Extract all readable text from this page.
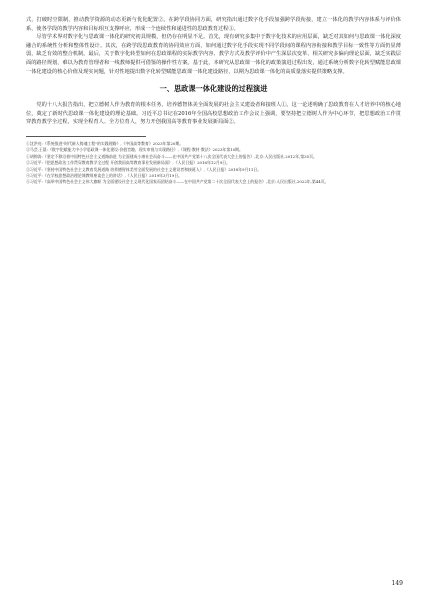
式，打破时空限制，推动教学资源的动态更新与优化配置②。在跨学段协同方面，研究指出通过数字化手段加强跨学段衔接，建立一体化的教学内容体系与评价体系，使各学段的教学内容和目标相互支撑呼应，形成一个连续性和递进性的思政教育过程③。

尽管学术界对数字化与思政课一体化的研究初具规模，但仍存在明显不足。首先，现有研究多集中于数字化技术的应用层面，缺乏对其如何与思政课一体化深度融合的系统性分析和整体性设计。其次，在跨学段思政教育的协同效应方面，如何通过数字化手段实现不同学段间的课程内容衔接和教学目标一致性等方面仍显薄弱，缺乏有效的整合机制。最后，关于数字化转型如何在思政课程的实际教学内容、教学方式及教学评价中产生深层次变革、相关研究多偏向理论层面，缺乏实践层面的路径规划，难以为教育管理者和一线教师提供可借鉴的操作性方案。基于此，本研究从思政课一体化的政策演进过程出发，通过系统分析数字化转型赋能思政课一体化建设的核心价值及现实问题，针对性地提出数字化转型赋能思政课一体化建设路径，以期为思政课一体化的高质量落实提供策略支撑。

一、思政课一体化建设的过程演进

党的十八大报告指出，把立德树人作为教育的根本任务，培养德智体美全面发展的社会主义建设者和接班人①。这一论述明确了思政教育在人才培养中的核心地位，奠定了新时代思政课一体化建设的理论基础。习近平总书记在2016年全国高校思想政治工作会议上强调，要坚持把立德树人作为中心环节，把思想政治工作贯穿教育教学全过程，实现全程育人、全方位育人，努力开创我国高等教育事业发展新局面②。

①沈洪亮:《系统推进"时代新人铸魂工程"的实践理路》,《中国高等教育》2023年第20期。

②马芸,王晨:《数字化赋能大中小学思政课一体化建设:价值旨趣、现实审视与实现路径》,《课程·教材·教法》2023年第10期。

①胡锦涛:《坚定不移沿着中国特色社会主义道路前进 为全面建成小康社会而奋斗——在中国共产党第十八次全国代表大会上的报告》,北京:人民出版社,2012年,第35页。

②习近平:《把思想政治工作贯穿教育教学全过程 开创我国高等教育事业发展新局面》,《人民日报》2016年12月9日。

②习近平:《坚持中国特色社会主义教育发展道路 培养德智体美劳全面发展的社会主义建设者和接班人》,《人民日报》2018年9月11日。

④习近平:《在学校思想政治理论课教师座谈会上的讲话》,《人民日报》2019年3月19日。

⑤习近平:《高举中国特色社会主义伟大旗帜 为全面建设社会主义现代化国家而团结奋斗——在中国共产党第二十次全国代表大会上的报告》,北京:人民出版社,2022年,第44页。

149
